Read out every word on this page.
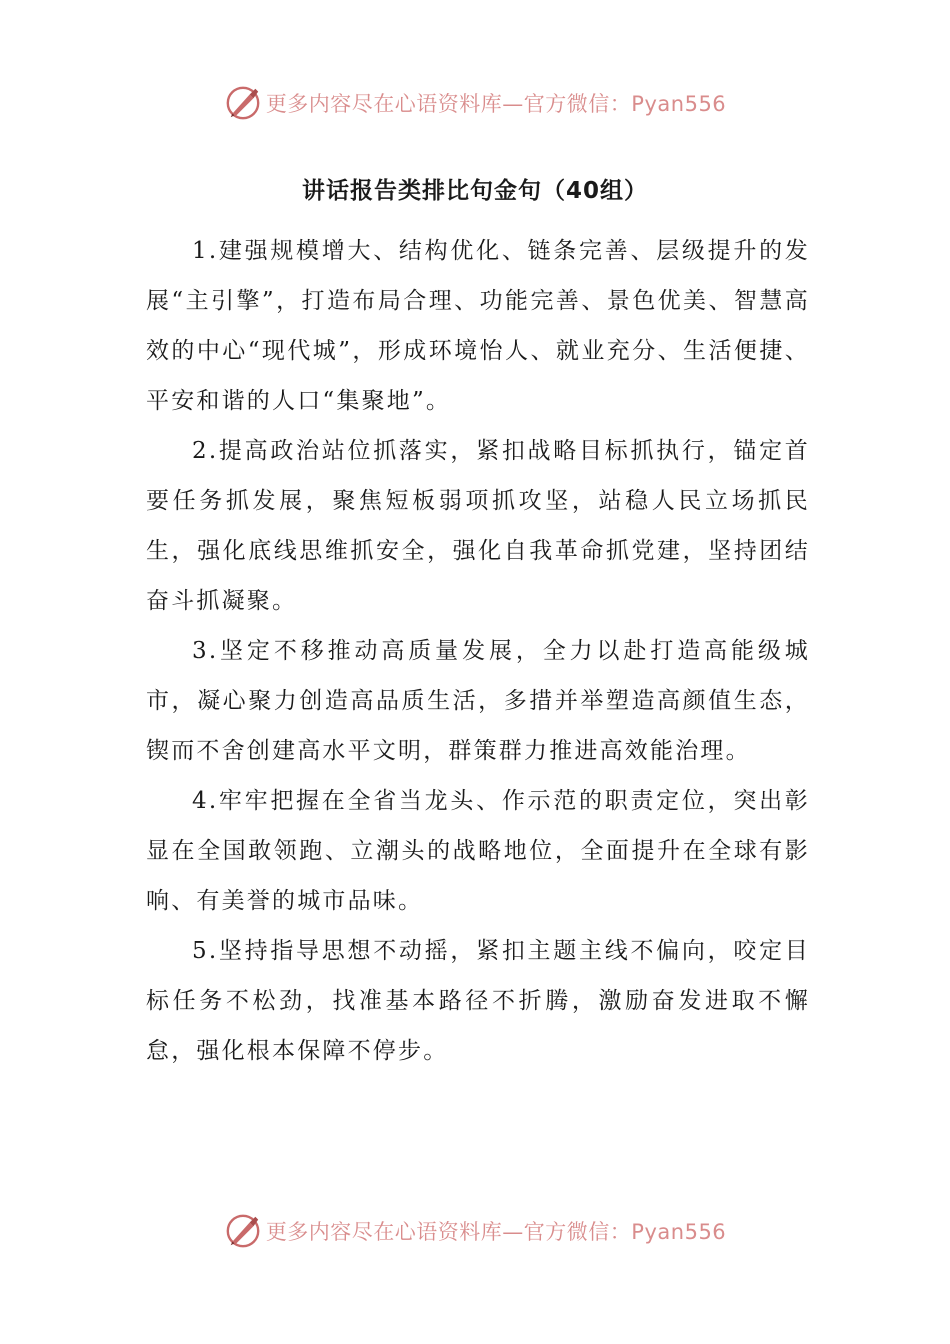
更多内容尽在心语资料库—官方微信：Pyan556
讲话报告类排比句金句（40组）

1.建强规模增大、结构优化、链条完善、层级提升的发展“主引擎”，打造布局合理、功能完善、景色优美、智慧高效的中心“现代城”，形成环境怡人、就业充分、生活便捷、平安和谐的人口“集聚地”。

2.提高政治站位抓落实，紧扣战略目标抓执行，锚定首要任务抓发展，聚焦短板弱项抓攻坚，站稳人民立场抓民生，强化底线思维抓安全，强化自我革命抓党建，坚持团结奋斗抓凝聚。

3.坚定不移推动高质量发展，全力以赴打造高能级城市，凝心聚力创造高品质生活，多措并举塑造高颜值生态，锲而不舍创建高水平文明，群策群力推进高效能治理。

4.牢牢把握在全省当龙头、作示范的职责定位，突出彰显在全国敢领跑、立潮头的战略地位，全面提升在全球有影响、有美誉的城市品味。

5.坚持指导思想不动摇，紧扣主题主线不偏向，咬定目标任务不松劲，找准基本路径不折腾，激励奋发进取不懈怠，强化根本保障不停步。

更多内容尽在心语资料库—官方微信：Pyan556
